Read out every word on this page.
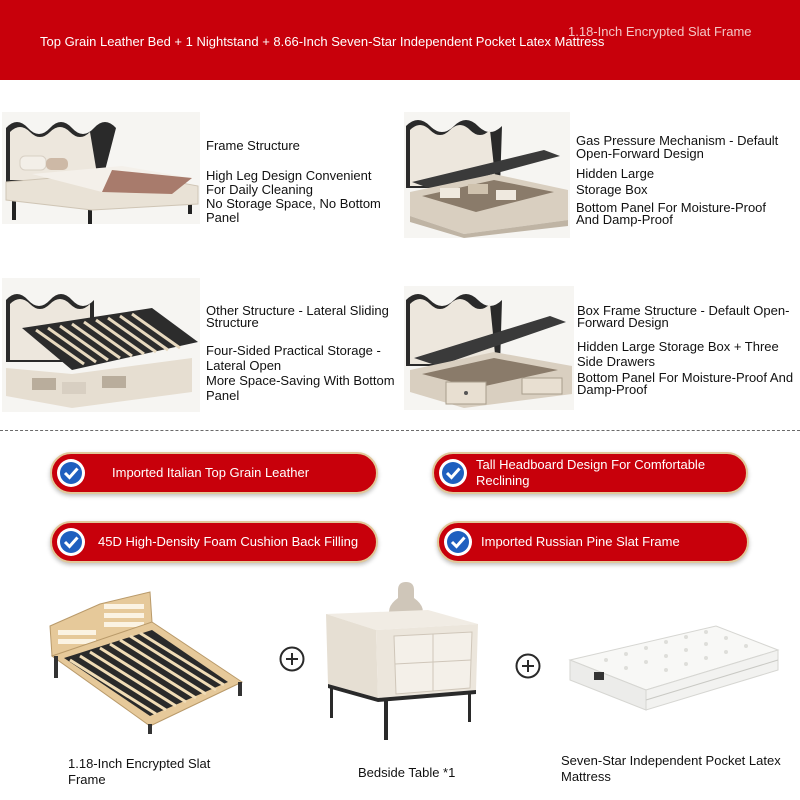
Top Grain Leather Bed + 1 Nightstand + 8.66-Inch Seven-Star Independent Pocket Latex Mattress
1.18-Inch Encrypted Slat Frame
Frame Structure
High Leg Design Convenient For Daily Cleaning
No Storage Space, No Bottom Panel
Gas Pressure Mechanism - Default Open-Forward Design
Hidden Large Storage Box
Bottom Panel For Moisture-Proof And Damp-Proof
Other Structure - Lateral Sliding Structure
Four-Sided Practical Storage - Lateral Open
More Space-Saving With Bottom Panel
Box Frame Structure - Default Open-Forward Design
Hidden Large Storage Box + Three Side Drawers
Bottom Panel For Moisture-Proof And Damp-Proof
Imported Italian Top Grain Leather
Tall Headboard Design For Comfortable Reclining
45D High-Density Foam Cushion Back Filling	Imported Russian Pine Slat Frame
1.18-Inch Encrypted Slat Frame	Bedside Table *1
Seven-Star Independent Pocket Latex Mattress
